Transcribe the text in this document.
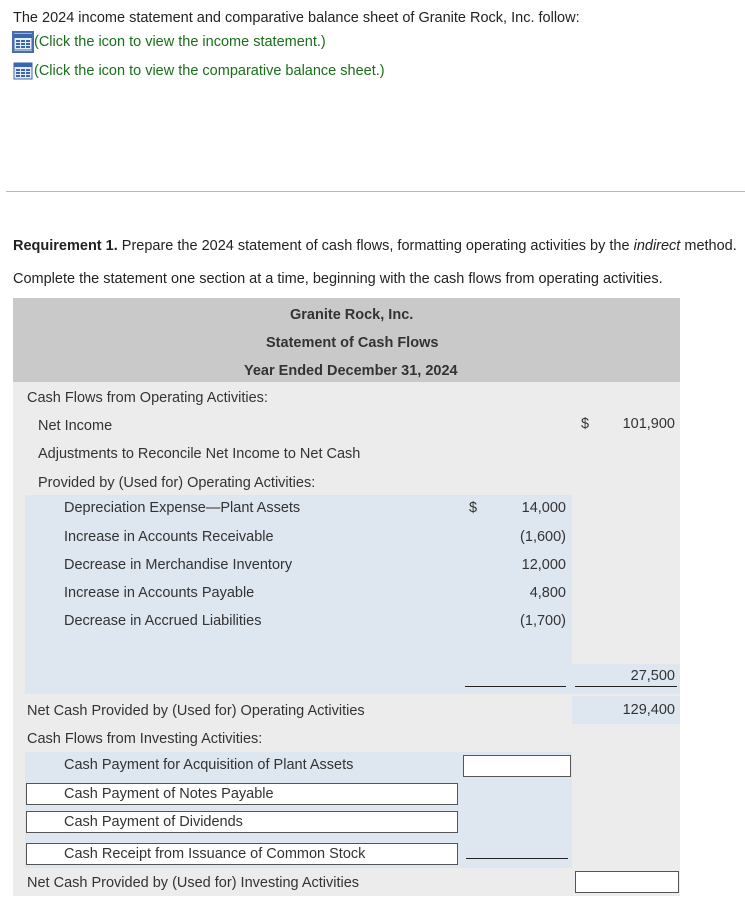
The 2024 income statement and comparative balance sheet of Granite Rock, Inc. follow:
(Click the icon to view the income statement.)
(Click the icon to view the comparative balance sheet.)
Requirement 1. Prepare the 2024 statement of cash flows, formatting operating activities by the indirect method.
Complete the statement one section at a time, beginning with the cash flows from operating activities.
Granite Rock, Inc.
Statement of Cash Flows
Year Ended December 31, 2024
Cash Flows from Operating Activities:
Net Income	$	101,900
Adjustments to Reconcile Net Income to Net Cash
Provided by (Used for) Operating Activities:
$
Depreciation Expense—Plant Assets	14,000
Increase in Accounts Receivable	(1,600)
Decrease in Merchandise Inventory	12,000
Increase in Accounts Payable	4,800
Decrease in Accrued Liabilities	(1,700)
27,500
Net Cash Provided by (Used for) Operating Activities	129,400
Cash Flows from Investing Activities:
Cash Payment for Acquisition of Plant Assets
Cash Payment of Notes Payable
Cash Payment of Dividends
Cash Receipt from Issuance of Common Stock
Net Cash Provided by (Used for) Investing Activities
